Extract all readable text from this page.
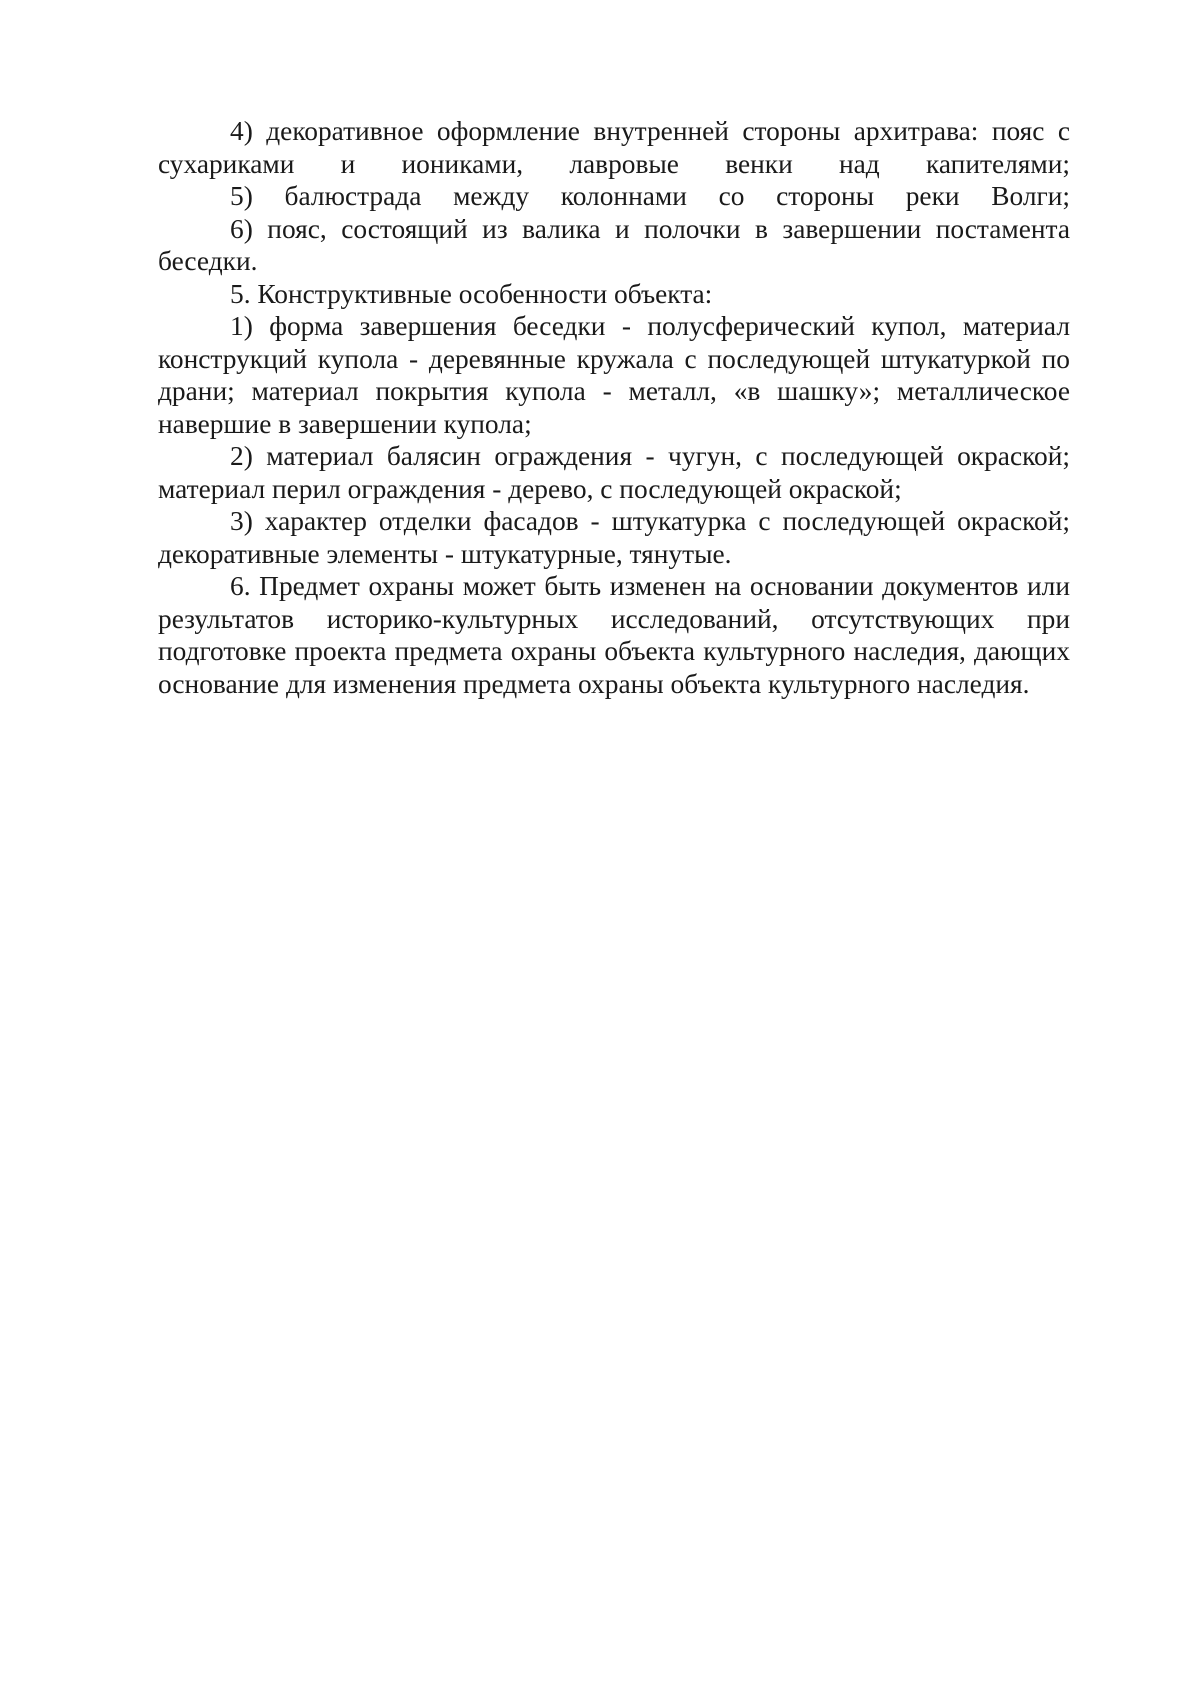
4) декоративное оформление внутренней стороны архитрава: пояс с сухариками и иониками, лавровые венки над капителями;

5) балюстрада между колоннами со стороны реки Волги;

6) пояс, состоящий из валика и полочки в завершении постамента беседки.

5. Конструктивные особенности объекта:

1) форма завершения беседки - полусферический купол, материал конструкций купола - деревянные кружала с последующей штукатуркой по драни; материал покрытия купола - металл, «в шашку»; металлическое навершие в завершении купола;

2) материал балясин ограждения - чугун, с последующей окраской; материал перил ограждения - дерево, с последующей окраской;

3) характер отделки фасадов - штукатурка с последующей окраской; декоративные элементы - штукатурные, тянутые.

6. Предмет охраны может быть изменен на основании документов или результатов историко-культурных исследований, отсутствующих при подготовке проекта предмета охраны объекта культурного наследия, дающих основание для изменения предмета охраны объекта культурного наследия.
